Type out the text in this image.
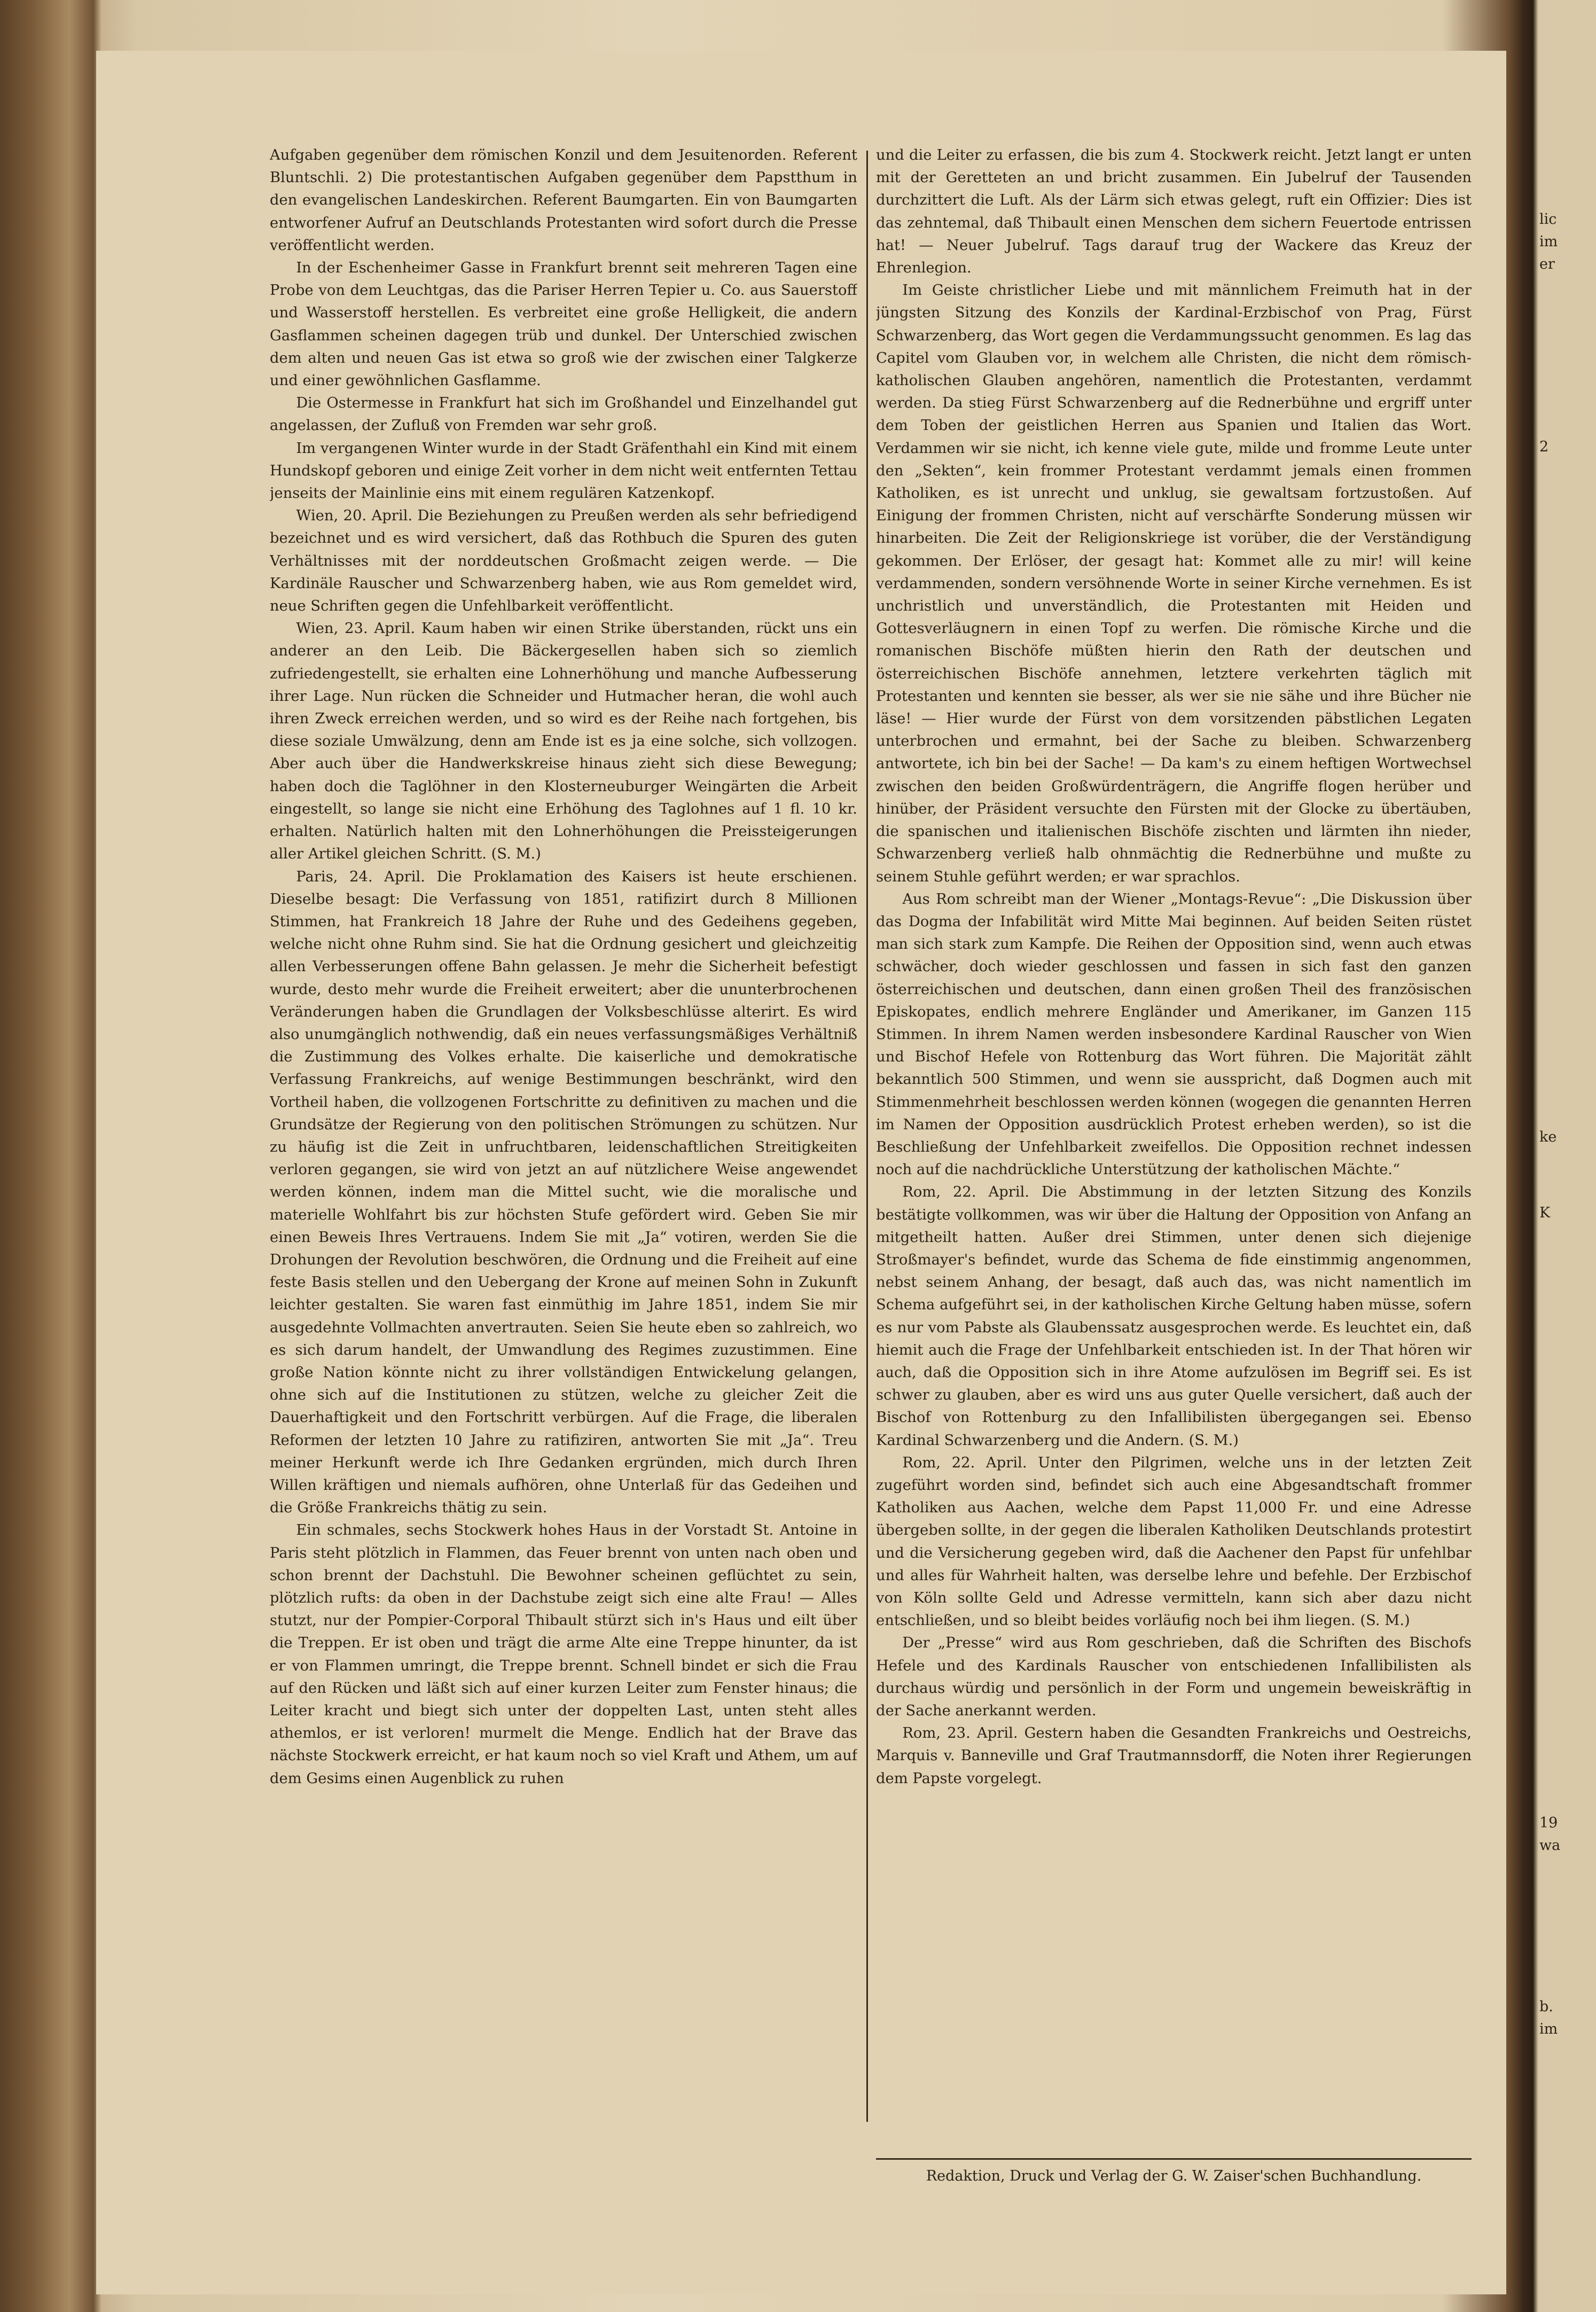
Aufgaben gegenüber dem römischen Konzil und dem Jesuitenorden. Referent Bluntschli. 2) Die protestantischen Aufgaben gegenüber dem Papstthum in den evangelischen Landeskirchen. Referent Baumgarten. Ein von Baumgarten entworfener Aufruf an Deutschlands Protestanten wird sofort durch die Presse veröffentlicht werden.

In der Eschenheimer Gasse in Frankfurt brennt seit mehreren Tagen eine Probe von dem Leuchtgas, das die Pariser Herren Tepier u. Co. aus Sauerstoff und Wasserstoff herstellen. Es verbreitet eine große Helligkeit, die andern Gasflammen scheinen dagegen trüb und dunkel. Der Unterschied zwischen dem alten und neuen Gas ist etwa so groß wie der zwischen einer Talgkerze und einer gewöhnlichen Gasflamme.

Die Ostermesse in Frankfurt hat sich im Großhandel und Einzelhandel gut angelassen, der Zufluß von Fremden war sehr groß.

Im vergangenen Winter wurde in der Stadt Gräfenthahl ein Kind mit einem Hundskopf geboren und einige Zeit vorher in dem nicht weit entfernten Tettau jenseits der Mainlinie eins mit einem regulären Katzenkopf.

Wien, 20. April. Die Beziehungen zu Preußen werden als sehr befriedigend bezeichnet und es wird versichert, daß das Rothbuch die Spuren des guten Verhältnisses mit der norddeutschen Großmacht zeigen werde. — Die Kardinäle Rauscher und Schwarzenberg haben, wie aus Rom gemeldet wird, neue Schriften gegen die Unfehlbarkeit veröffentlicht.

Wien, 23. April. Kaum haben wir einen Strike überstanden, rückt uns ein anderer an den Leib. Die Bäckergesellen haben sich so ziemlich zufriedengestellt, sie erhalten eine Lohnerhöhung und manche Aufbesserung ihrer Lage. Nun rücken die Schneider und Hutmacher heran, die wohl auch ihren Zweck erreichen werden, und so wird es der Reihe nach fortgehen, bis diese soziale Umwälzung, denn am Ende ist es ja eine solche, sich vollzogen. Aber auch über die Handwerkskreise hinaus zieht sich diese Bewegung; haben doch die Taglöhner in den Klosterneuburger Weingärten die Arbeit eingestellt, so lange sie nicht eine Erhöhung des Taglohnes auf 1 fl. 10 kr. erhalten. Natürlich halten mit den Lohnerhöhungen die Preissteigerungen aller Artikel gleichen Schritt. (S. M.)

Paris, 24. April. Die Proklamation des Kaisers ist heute erschienen. Dieselbe besagt: Die Verfassung von 1851, ratifizirt durch 8 Millionen Stimmen, hat Frankreich 18 Jahre der Ruhe und des Gedeihens gegeben, welche nicht ohne Ruhm sind. Sie hat die Ordnung gesichert und gleichzeitig allen Verbesserungen offene Bahn gelassen. Je mehr die Sicherheit befestigt wurde, desto mehr wurde die Freiheit erweitert; aber die ununterbrochenen Veränderungen haben die Grundlagen der Volksbeschlüsse alterirt. Es wird also unumgänglich nothwendig, daß ein neues verfassungsmäßiges Verhältniß die Zustimmung des Volkes erhalte. Die kaiserliche und demokratische Verfassung Frankreichs, auf wenige Bestimmungen beschränkt, wird den Vortheil haben, die vollzogenen Fortschritte zu definitiven zu machen und die Grundsätze der Regierung von den politischen Strömungen zu schützen. Nur zu häufig ist die Zeit in unfruchtbaren, leidenschaftlichen Streitigkeiten verloren gegangen, sie wird von jetzt an auf nützlichere Weise angewendet werden können, indem man die Mittel sucht, wie die moralische und materielle Wohlfahrt bis zur höchsten Stufe gefördert wird. Geben Sie mir einen Beweis Ihres Vertrauens. Indem Sie mit „Ja“ votiren, werden Sie die Drohungen der Revolution beschwören, die Ordnung und die Freiheit auf eine feste Basis stellen und den Uebergang der Krone auf meinen Sohn in Zukunft leichter gestalten. Sie waren fast einmüthig im Jahre 1851, indem Sie mir ausgedehnte Vollmachten anvertrauten. Seien Sie heute eben so zahlreich, wo es sich darum handelt, der Umwandlung des Regimes zuzustimmen. Eine große Nation könnte nicht zu ihrer vollständigen Entwickelung gelangen, ohne sich auf die Institutionen zu stützen, welche zu gleicher Zeit die Dauerhaftigkeit und den Fortschritt verbürgen. Auf die Frage, die liberalen Reformen der letzten 10 Jahre zu ratifiziren, antworten Sie mit „Ja“. Treu meiner Herkunft werde ich Ihre Gedanken ergründen, mich durch Ihren Willen kräftigen und niemals aufhören, ohne Unterlaß für das Gedeihen und die Größe Frankreichs thätig zu sein.

Ein schmales, sechs Stockwerk hohes Haus in der Vorstadt St. Antoine in Paris steht plötzlich in Flammen, das Feuer brennt von unten nach oben und schon brennt der Dachstuhl. Die Bewohner scheinen geflüchtet zu sein, plötzlich rufts: da oben in der Dachstube zeigt sich eine alte Frau! — Alles stutzt, nur der Pompier-Corporal Thibault stürzt sich in's Haus und eilt über die Treppen. Er ist oben und trägt die arme Alte eine Treppe hinunter, da ist er von Flammen umringt, die Treppe brennt. Schnell bindet er sich die Frau auf den Rücken und läßt sich auf einer kurzen Leiter zum Fenster hinaus; die Leiter kracht und biegt sich unter der doppelten Last, unten steht alles athemlos, er ist verloren! murmelt die Menge. Endlich hat der Brave das nächste Stockwerk erreicht, er hat kaum noch so viel Kraft und Athem, um auf dem Gesims einen Augenblick zu ruhen

und die Leiter zu erfassen, die bis zum 4. Stockwerk reicht. Jetzt langt er unten mit der Geretteten an und bricht zusammen. Ein Jubelruf der Tausenden durchzittert die Luft. Als der Lärm sich etwas gelegt, ruft ein Offizier: Dies ist das zehntemal, daß Thibault einen Menschen dem sichern Feuertode entrissen hat! — Neuer Jubelruf. Tags darauf trug der Wackere das Kreuz der Ehrenlegion.

Im Geiste christlicher Liebe und mit männlichem Freimuth hat in der jüngsten Sitzung des Konzils der Kardinal-Erzbischof von Prag, Fürst Schwarzenberg, das Wort gegen die Verdammungssucht genommen. Es lag das Capitel vom Glauben vor, in welchem alle Christen, die nicht dem römisch-katholischen Glauben angehören, namentlich die Protestanten, verdammt werden. Da stieg Fürst Schwarzenberg auf die Rednerbühne und ergriff unter dem Toben der geistlichen Herren aus Spanien und Italien das Wort. Verdammen wir sie nicht, ich kenne viele gute, milde und fromme Leute unter den „Sekten“, kein frommer Protestant verdammt jemals einen frommen Katholiken, es ist unrecht und unklug, sie gewaltsam fortzustoßen. Auf Einigung der frommen Christen, nicht auf verschärfte Sonderung müssen wir hinarbeiten. Die Zeit der Religionskriege ist vorüber, die der Verständigung gekommen. Der Erlöser, der gesagt hat: Kommet alle zu mir! will keine verdammenden, sondern versöhnende Worte in seiner Kirche vernehmen. Es ist unchristlich und unverständlich, die Protestanten mit Heiden und Gottesverläugnern in einen Topf zu werfen. Die römische Kirche und die romanischen Bischöfe müßten hierin den Rath der deutschen und österreichischen Bischöfe annehmen, letztere verkehrten täglich mit Protestanten und kennten sie besser, als wer sie nie sähe und ihre Bücher nie läse! — Hier wurde der Fürst von dem vorsitzenden päbstlichen Legaten unterbrochen und ermahnt, bei der Sache zu bleiben. Schwarzenberg antwortete, ich bin bei der Sache! — Da kam's zu einem heftigen Wortwechsel zwischen den beiden Großwürdenträgern, die Angriffe flogen herüber und hinüber, der Präsident versuchte den Fürsten mit der Glocke zu übertäuben, die spanischen und italienischen Bischöfe zischten und lärmten ihn nieder, Schwarzenberg verließ halb ohnmächtig die Rednerbühne und mußte zu seinem Stuhle geführt werden; er war sprachlos.

Aus Rom schreibt man der Wiener „Montags-Revue“: „Die Diskussion über das Dogma der Infabilität wird Mitte Mai beginnen. Auf beiden Seiten rüstet man sich stark zum Kampfe. Die Reihen der Opposition sind, wenn auch etwas schwächer, doch wieder geschlossen und fassen in sich fast den ganzen österreichischen und deutschen, dann einen großen Theil des französischen Episkopates, endlich mehrere Engländer und Amerikaner, im Ganzen 115 Stimmen. In ihrem Namen werden insbesondere Kardinal Rauscher von Wien und Bischof Hefele von Rottenburg das Wort führen. Die Majorität zählt bekanntlich 500 Stimmen, und wenn sie ausspricht, daß Dogmen auch mit Stimmenmehrheit beschlossen werden können (wogegen die genannten Herren im Namen der Opposition ausdrücklich Protest erheben werden), so ist die Beschließung der Unfehlbarkeit zweifellos. Die Opposition rechnet indessen noch auf die nachdrückliche Unterstützung der katholischen Mächte.“

Rom, 22. April. Die Abstimmung in der letzten Sitzung des Konzils bestätigte vollkommen, was wir über die Haltung der Opposition von Anfang an mitgetheilt hatten. Außer drei Stimmen, unter denen sich diejenige Stroßmayer's befindet, wurde das Schema de fide einstimmig angenommen, nebst seinem Anhang, der besagt, daß auch das, was nicht namentlich im Schema aufgeführt sei, in der katholischen Kirche Geltung haben müsse, sofern es nur vom Pabste als Glaubenssatz ausgesprochen werde. Es leuchtet ein, daß hiemit auch die Frage der Unfehlbarkeit entschieden ist. In der That hören wir auch, daß die Opposition sich in ihre Atome aufzulösen im Begriff sei. Es ist schwer zu glauben, aber es wird uns aus guter Quelle versichert, daß auch der Bischof von Rottenburg zu den Infallibilisten übergegangen sei. Ebenso Kardinal Schwarzenberg und die Andern. (S. M.)

Rom, 22. April. Unter den Pilgrimen, welche uns in der letzten Zeit zugeführt worden sind, befindet sich auch eine Abgesandtschaft frommer Katholiken aus Aachen, welche dem Papst 11,000 Fr. und eine Adresse übergeben sollte, in der gegen die liberalen Katholiken Deutschlands protestirt und die Versicherung gegeben wird, daß die Aachener den Papst für unfehlbar und alles für Wahrheit halten, was derselbe lehre und befehle. Der Erzbischof von Köln sollte Geld und Adresse vermitteln, kann sich aber dazu nicht entschließen, und so bleibt beides vorläufig noch bei ihm liegen. (S. M.)

Der „Presse“ wird aus Rom geschrieben, daß die Schriften des Bischofs Hefele und des Kardinals Rauscher von entschiedenen Infallibilisten als durchaus würdig und persönlich in der Form und ungemein beweiskräftig in der Sache anerkannt werden.

Rom, 23. April. Gestern haben die Gesandten Frankreichs und Oestreichs, Marquis v. Banneville und Graf Trautmannsdorff, die Noten ihrer Regierungen dem Papste vorgelegt.

Redaktion, Druck und Verlag der G. W. Zaiser'schen Buchhandlung.
lic
im
er
2
ke
K
19
wa
b.
im
